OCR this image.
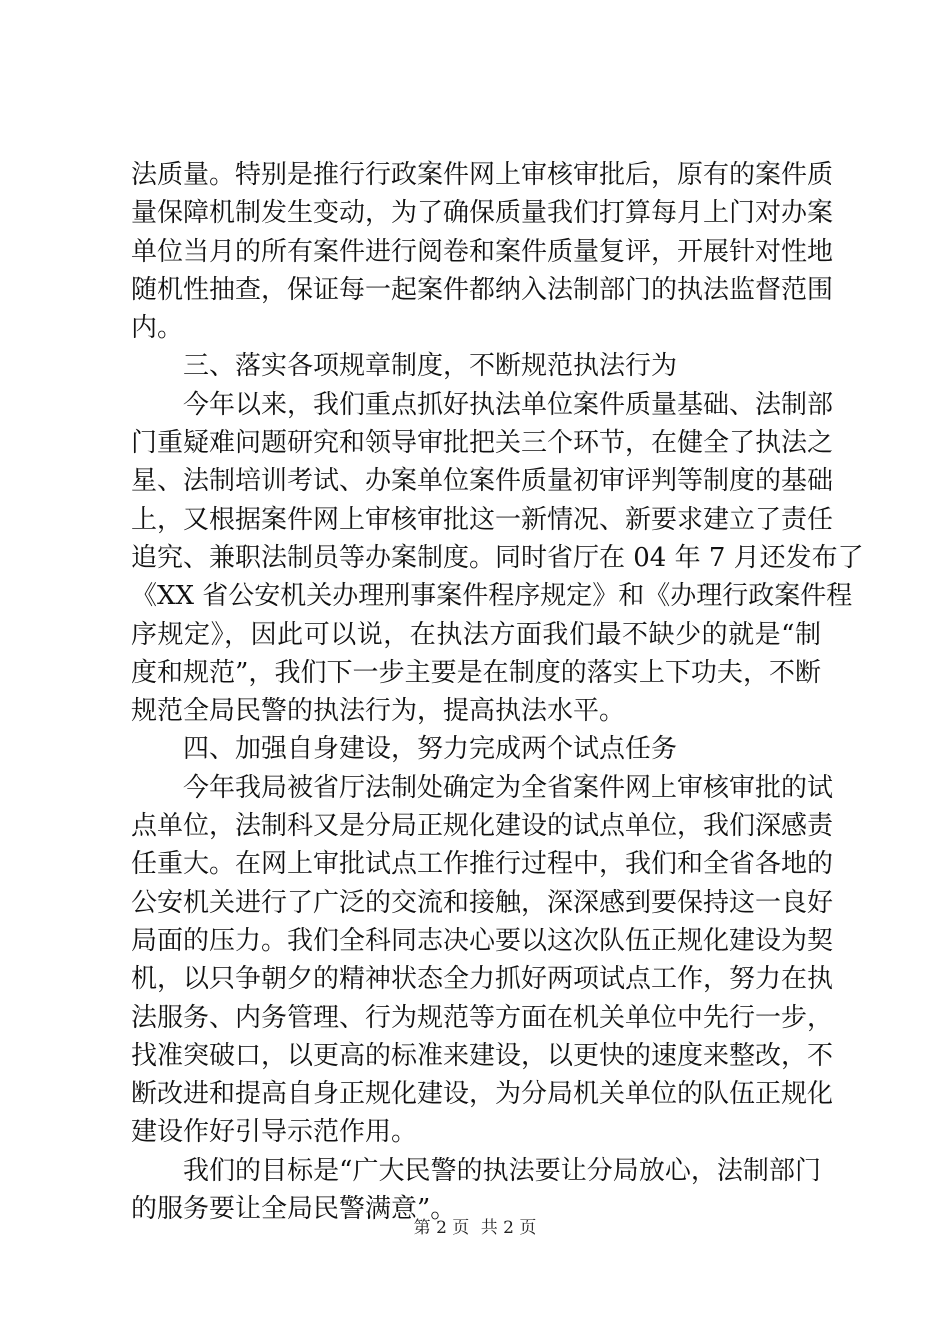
法质量。特别是推行行政案件网上审核审批后，原有的案件质
量保障机制发生变动，为了确保质量我们打算每月上门对办案
单位当月的所有案件进行阅卷和案件质量复评，开展针对性地
随机性抽查，保证每一起案件都纳入法制部门的执法监督范围
内。
三、落实各项规章制度，不断规范执法行为
今年以来，我们重点抓好执法单位案件质量基础、法制部
门重疑难问题研究和领导审批把关三个环节，在健全了执法之
星、法制培训考试、办案单位案件质量初审评判等制度的基础
上，又根据案件网上审核审批这一新情况、新要求建立了责任
追究、兼职法制员等办案制度。同时省厅在 04 年 7 月还发布了
《XX 省公安机关办理刑事案件程序规定》和《办理行政案件程
序规定》，因此可以说，在执法方面我们最不缺少的就是“制
度和规范”，我们下一步主要是在制度的落实上下功夫，不断
规范全局民警的执法行为，提高执法水平。
四、加强自身建设，努力完成两个试点任务
今年我局被省厅法制处确定为全省案件网上审核审批的试
点单位，法制科又是分局正规化建设的试点单位，我们深感责
任重大。在网上审批试点工作推行过程中，我们和全省各地的
公安机关进行了广泛的交流和接触，深深感到要保持这一良好
局面的压力。我们全科同志决心要以这次队伍正规化建设为契
机，以只争朝夕的精神状态全力抓好两项试点工作，努力在执
法服务、内务管理、行为规范等方面在机关单位中先行一步，
找准突破口，以更高的标准来建设，以更快的速度来整改，不
断改进和提高自身正规化建设，为分局机关单位的队伍正规化
建设作好引导示范作用。
我们的目标是“广大民警的执法要让分局放心，法制部门
的服务要让全局民警满意”。
第 2 页 共 2 页
